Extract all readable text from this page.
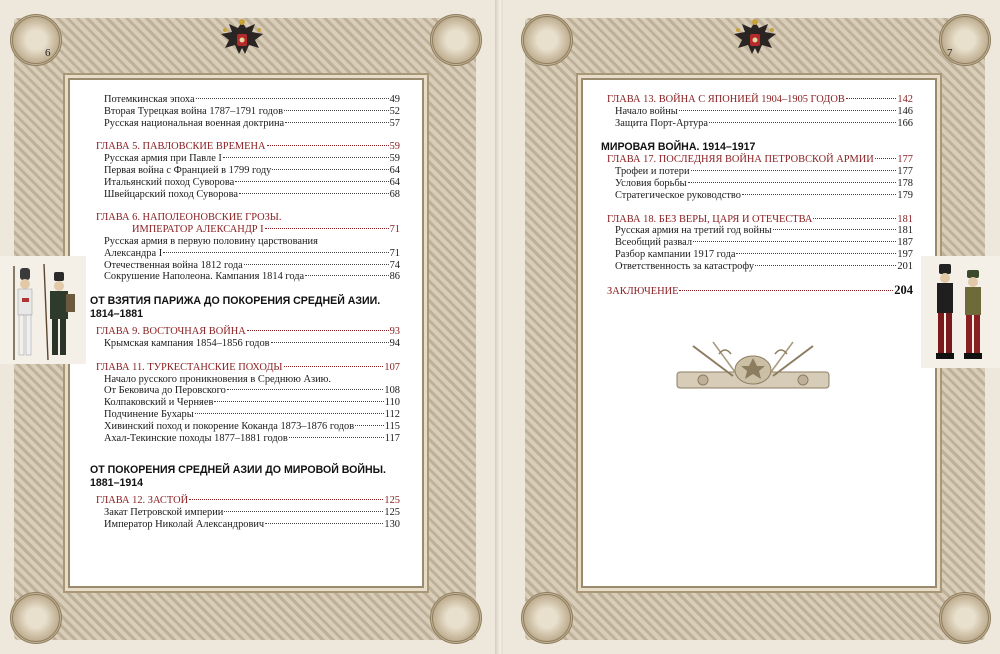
6
Потемкинская эпоха	49
Вторая Турецкая война 1787–1791 годов	52
Русская национальная военная доктрина	57
ГЛАВА 5. ПАВЛОВСКИЕ ВРЕМЕНА	59
Русская армия при Павле I	59
Первая война с Францией в 1799 году	64
Итальянский поход Суворова	64
Швейцарский поход Суворова	68
ГЛАВА 6. НАПОЛЕОНОВСКИЕ ГРОЗЫ.
ИМПЕРАТОР АЛЕКСАНДР I	71
Русская армия в первую половину царствования
Александра I	71
Отечественная война 1812 года	74
Сокрушение Наполеона. Кампания 1814 года	86
ОТ ВЗЯТИЯ ПАРИЖА ДО ПОКОРЕНИЯ СРЕДНЕЙ АЗИИ.
1814–1881
ГЛАВА 9. ВОСТОЧНАЯ ВОЙНА	93
Крымская кампания 1854–1856 годов	94
ГЛАВА 11. ТУРКЕСТАНСКИЕ ПОХОДЫ	107
Начало русского проникновения в Среднюю Азию.
От Бековича до Перовского	108
Колпаковский и Черняев	110
Подчинение Бухары	112
Хивинский поход и покорение Коканда 1873–1876 годов	115
Ахал-Текинские походы 1877–1881 годов	117
ОТ ПОКОРЕНИЯ СРЕДНЕЙ АЗИИ ДО МИРОВОЙ ВОЙНЫ.
1881–1914
ГЛАВА 12. ЗАСТОЙ	125
Закат Петровской империи	125
Император Николай Александрович	130
7
ГЛАВА 13. ВОЙНА С ЯПОНИЕЙ 1904–1905 ГОДОВ	142
Начало войны	146
Защита Порт-Артура	166
МИРОВАЯ ВОЙНА. 1914–1917
ГЛАВА 17. ПОСЛЕДНЯЯ ВОЙНА ПЕТРОВСКОЙ АРМИИ 177
Трофеи и потери	177
Условия борьбы	178
Стратегическое руководство	179
ГЛАВА 18. БЕЗ ВЕРЫ, ЦАРЯ И ОТЕЧЕСТВА	181
Русская армия на третий год войны	181
Всеобщий развал	187
Разбор кампании 1917 года	197
Ответственность за катастрофу	201
ЗАКЛЮЧЕНИЕ	204
